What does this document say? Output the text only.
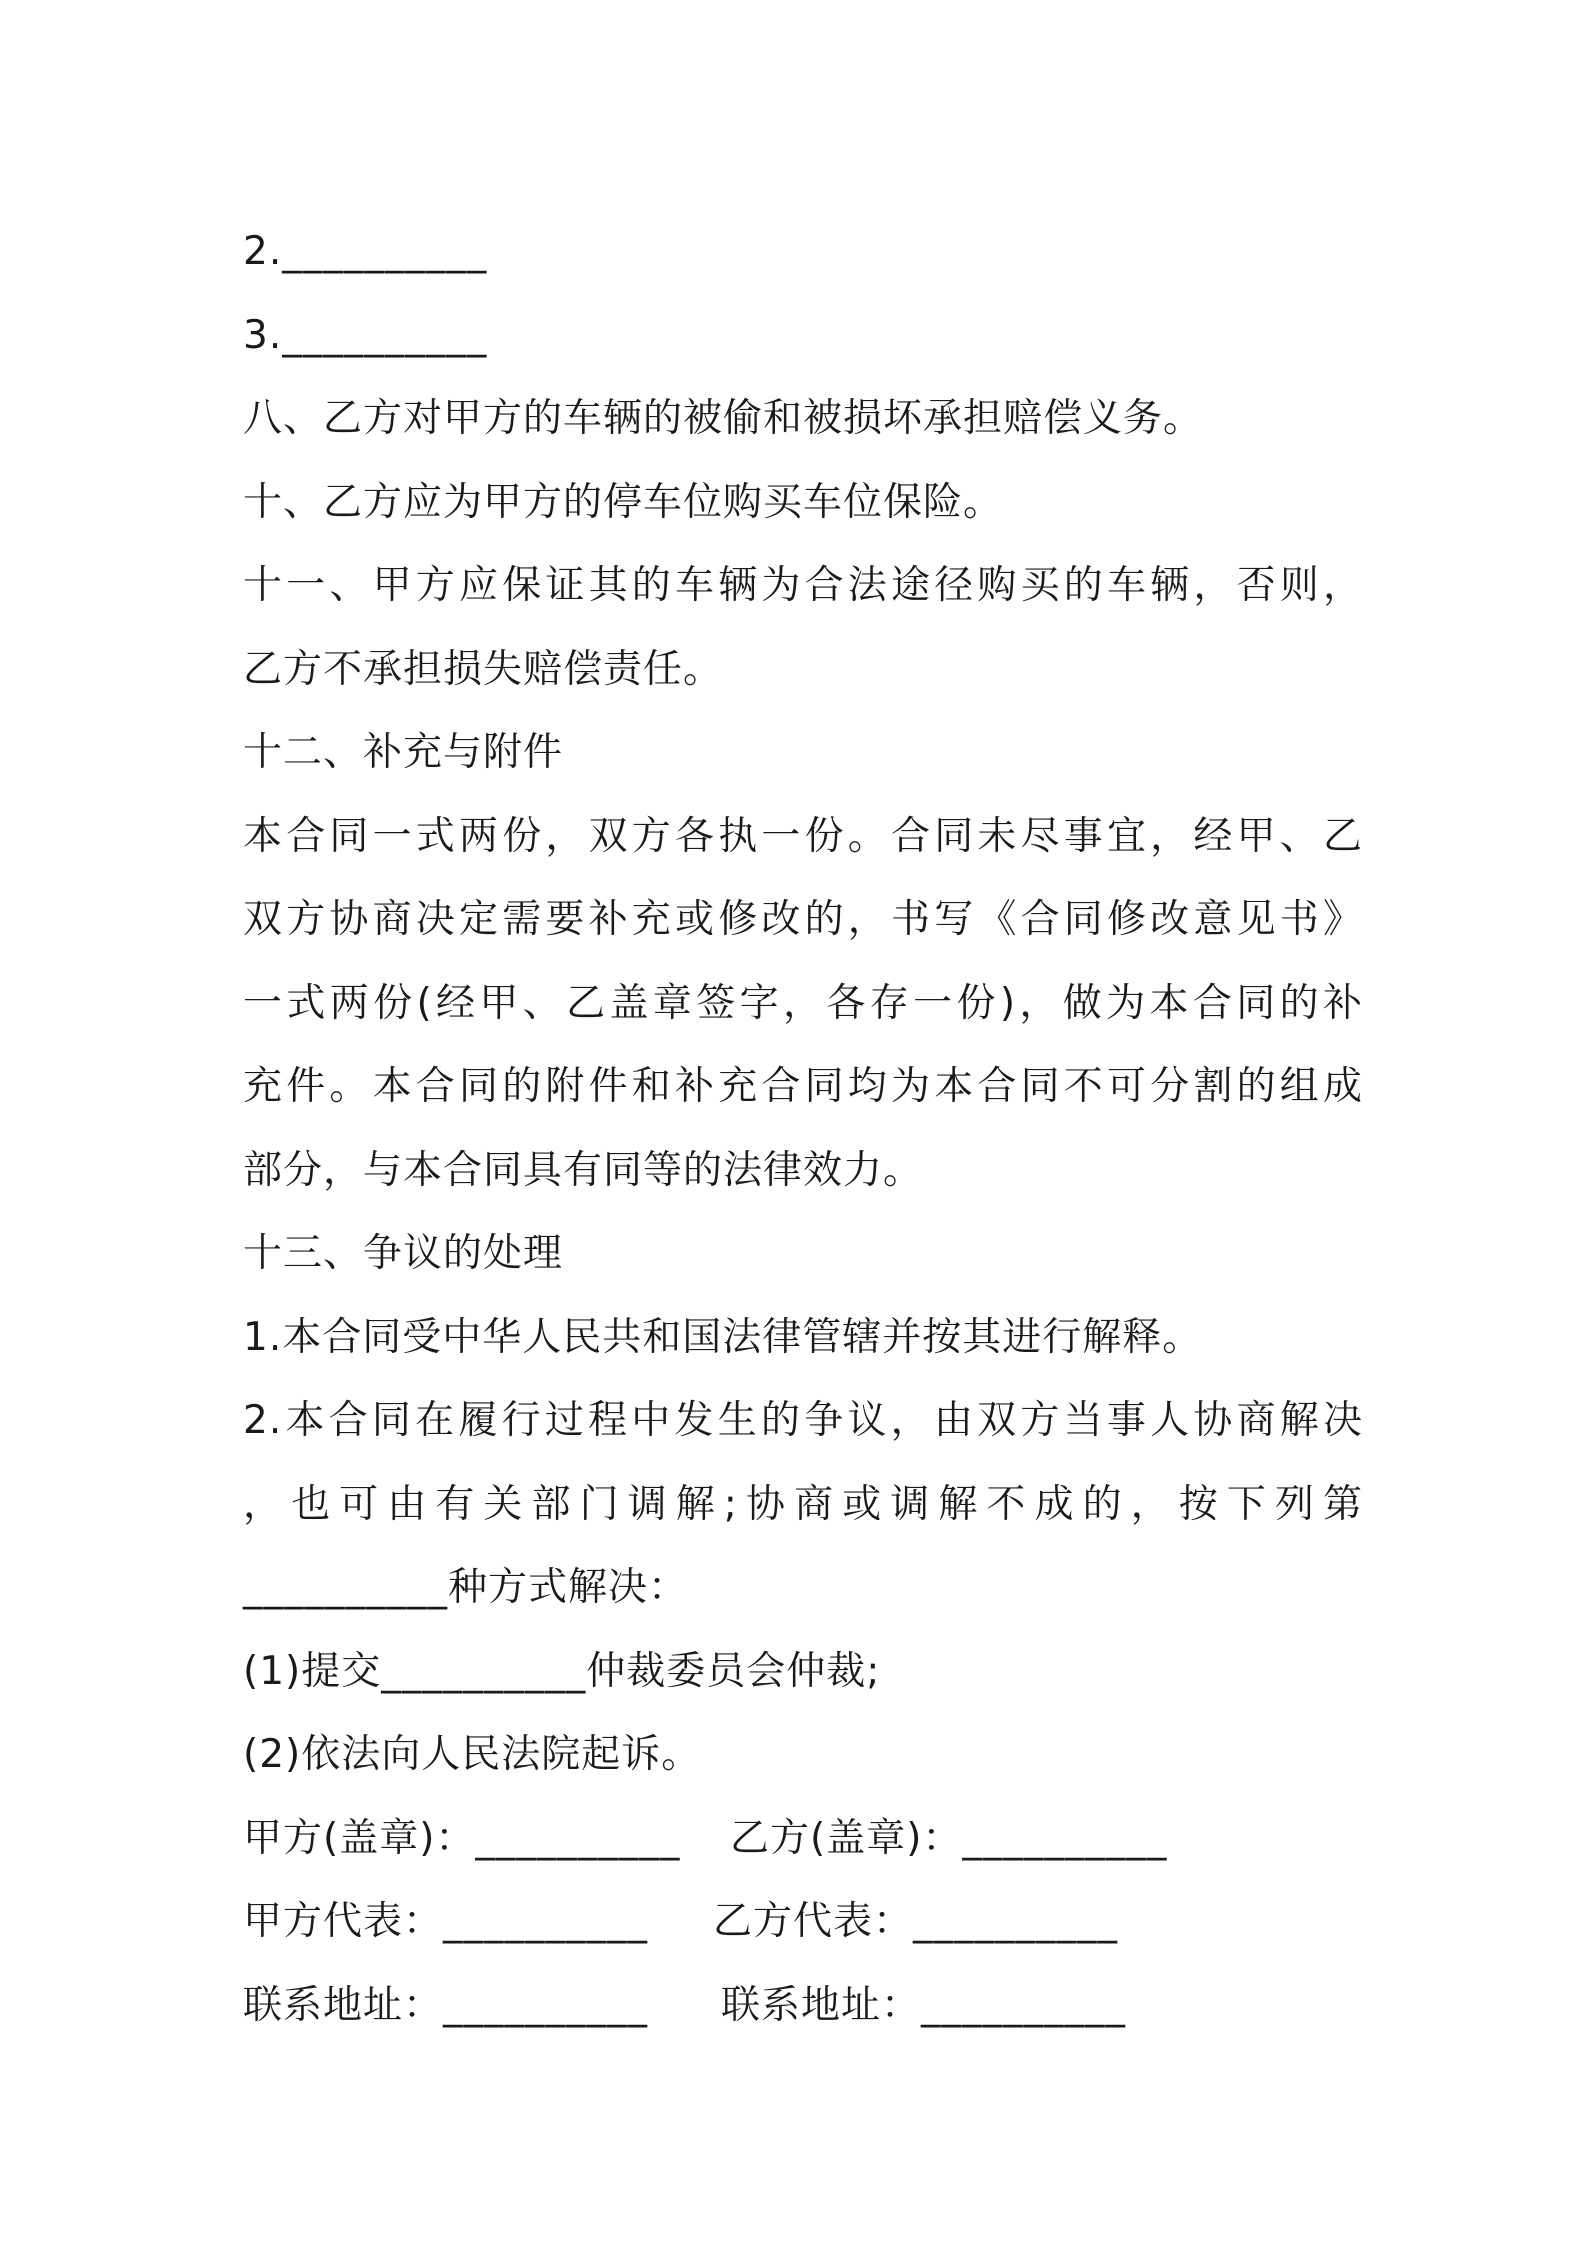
2.__________
3.__________
八、乙方对甲方的车辆的被偷和被损坏承担赔偿义务。
十、乙方应为甲方的停车位购买车位保险。
十一、甲方应保证其的车辆为合法途径购买的车辆，否则，
乙方不承担损失赔偿责任。
十二、补充与附件
本合同一式两份，双方各执一份。合同未尽事宜，经甲、乙
双方协商决定需要补充或修改的，书写《合同修改意见书》
一式两份(经甲、乙盖章签字，各存一份)，做为本合同的补
充件。本合同的附件和补充合同均为本合同不可分割的组成
部分，与本合同具有同等的法律效力。
十三、争议的处理
1.本合同受中华人民共和国法律管辖并按其进行解释。
2.本合同在履行过程中发生的争议，由双方当事人协商解决
，也可由有关部门调解;协商或调解不成的，按下列第
__________种方式解决：
(1)提交__________仲裁委员会仲裁;
(2)依法向人民法院起诉。
甲方(盖章)：__________ 乙方(盖章)：__________
甲方代表：__________ 乙方代表：__________
联系地址：__________ 联系地址：__________
